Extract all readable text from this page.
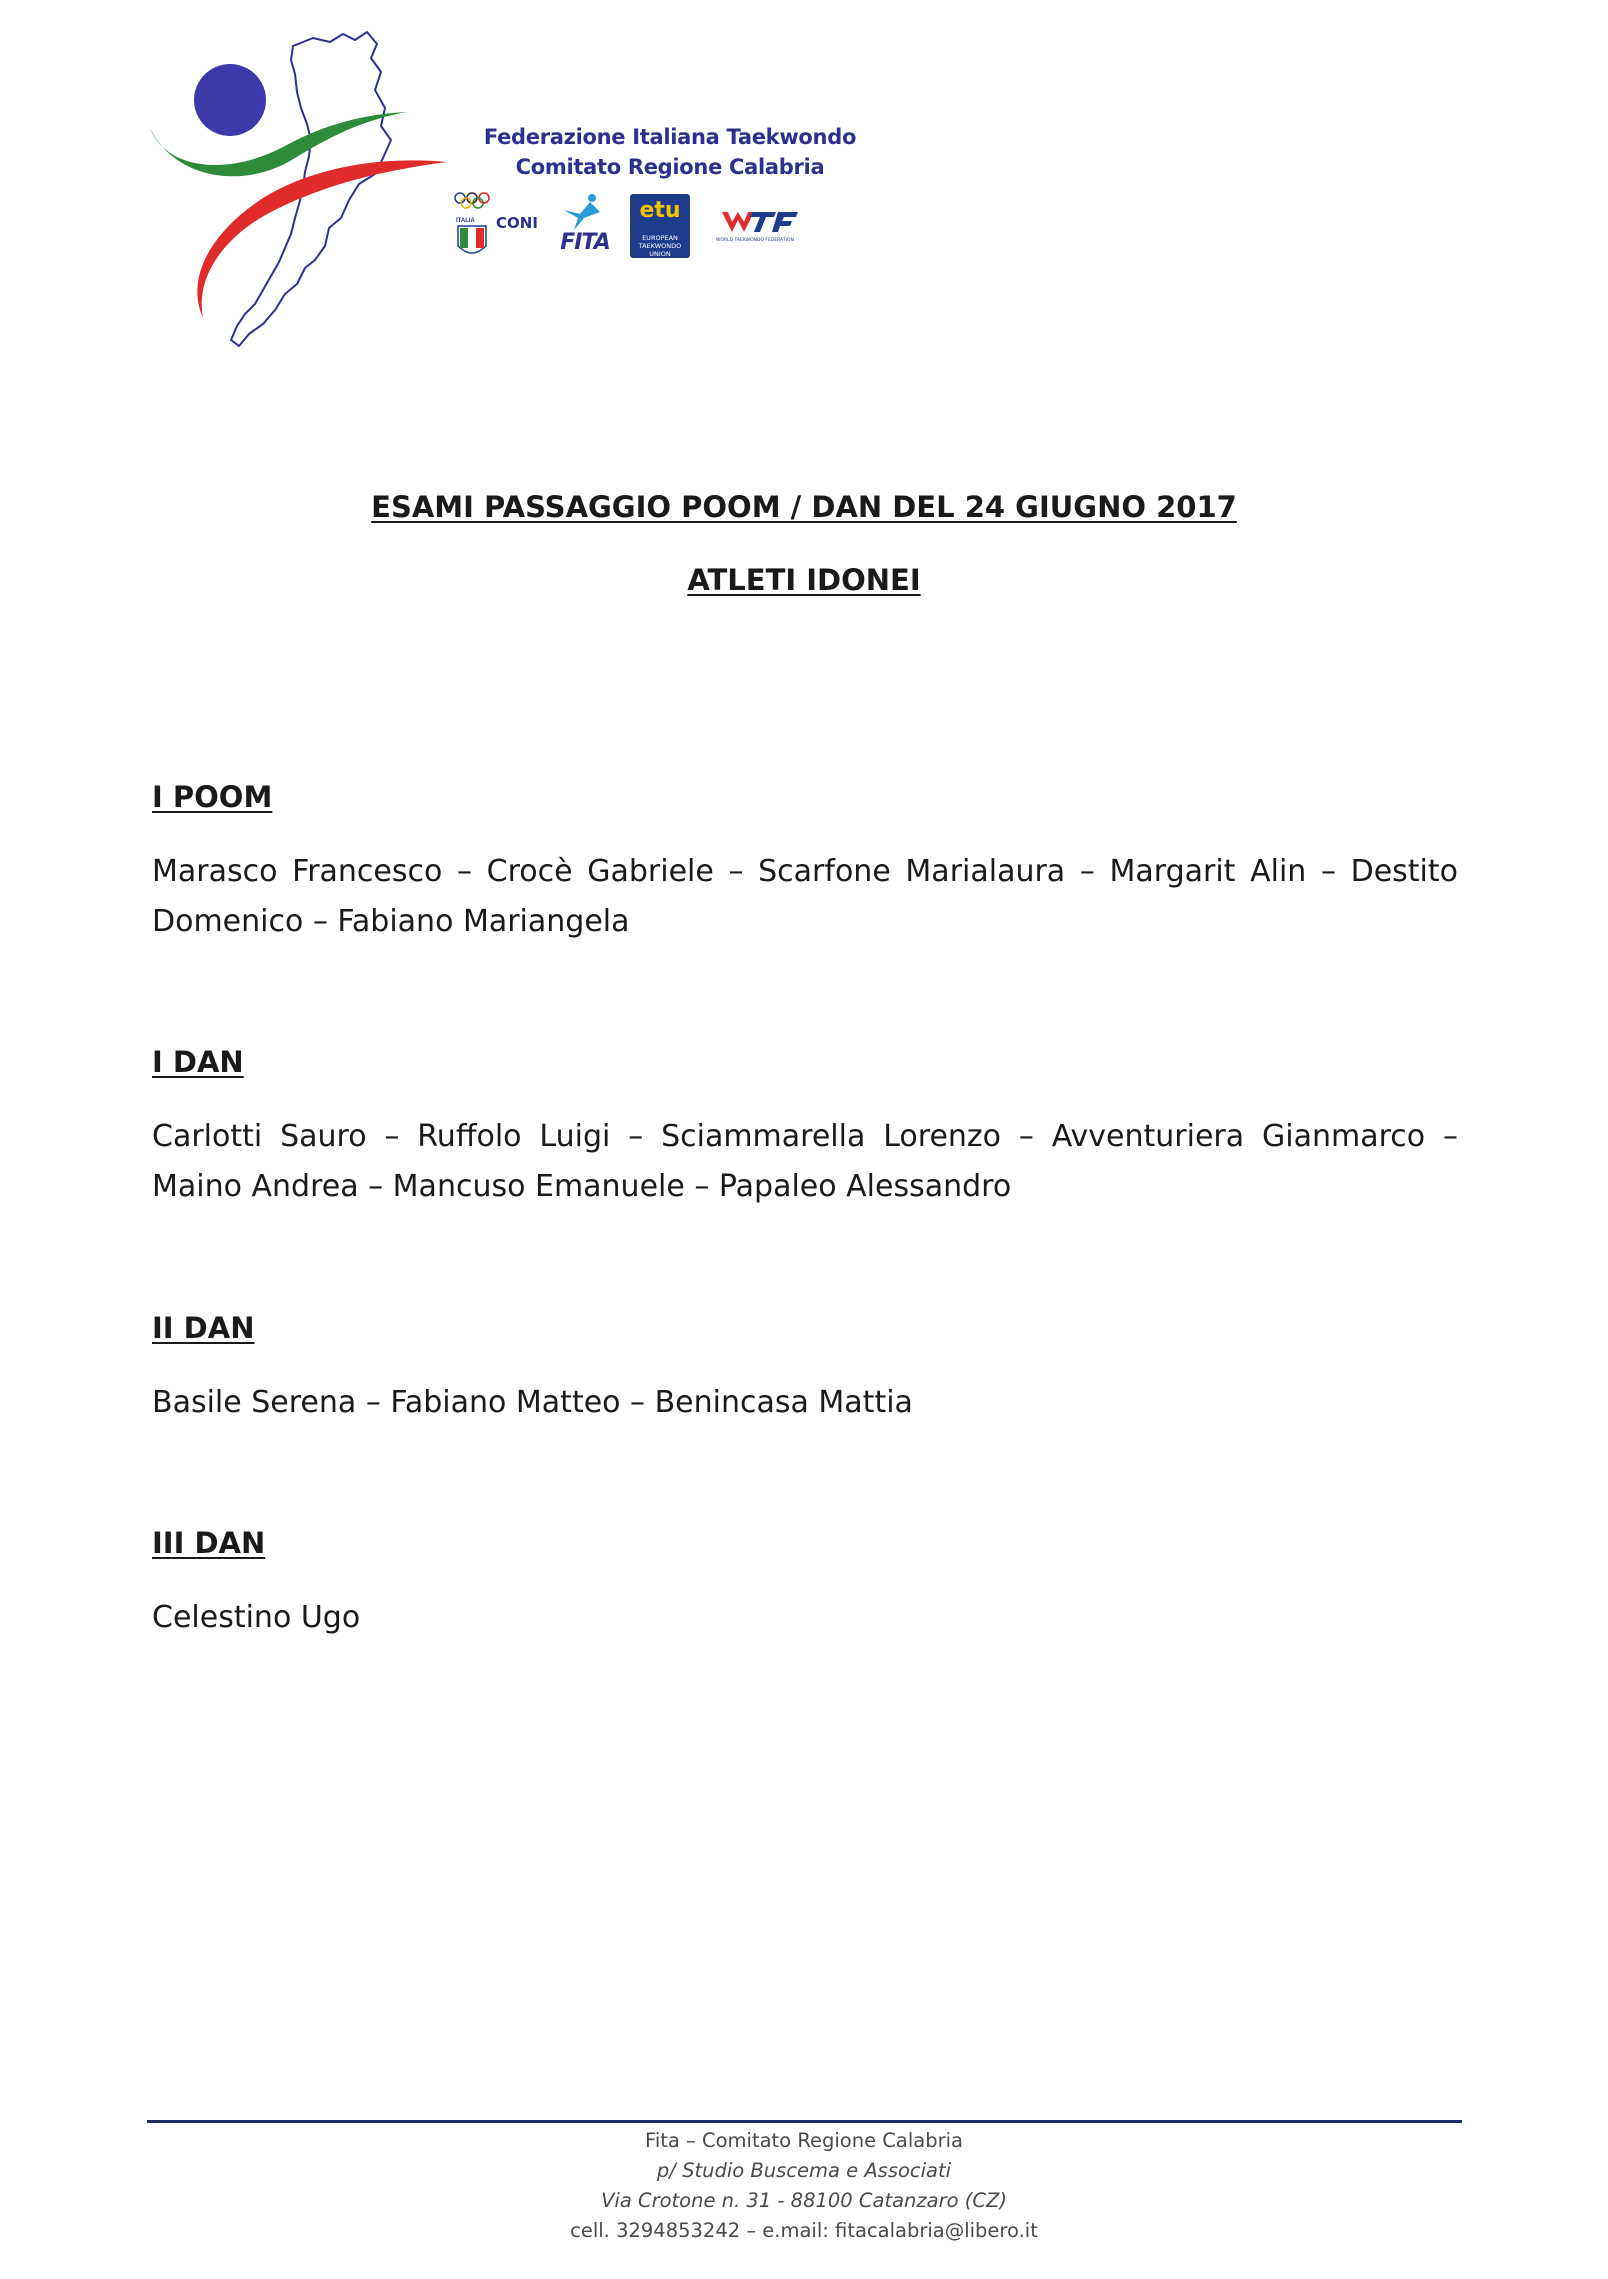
Federazione Italiana Taekwondo
Comitato Regione Calabria
ITALIA CONI
FITA
etu
EUROPEAN
TAEKWONDO UNION
WORLD TAEKWONDO FEDERATION
ESAMI PASSAGGIO POOM / DAN DEL 24 GIUGNO 2017
ATLETI IDONEI
I POOM

Marasco Francesco – Crocè Gabriele – Scarfone Marialaura – Margarit Alin – Destito Domenico – Fabiano Mariangela

I DAN

Carlotti Sauro – Ruffolo Luigi – Sciammarella Lorenzo – Avventuriera Gianmarco – Maino Andrea – Mancuso Emanuele – Papaleo Alessandro

II DAN

Basile Serena – Fabiano Matteo – Benincasa Mattia

III DAN

Celestino Ugo

Fita – Comitato Regione Calabria
p/ Studio Buscema e Associati
Via Crotone n. 31 - 88100 Catanzaro (CZ)
cell. 3294853242 – e.mail: fitacalabria@libero.it
